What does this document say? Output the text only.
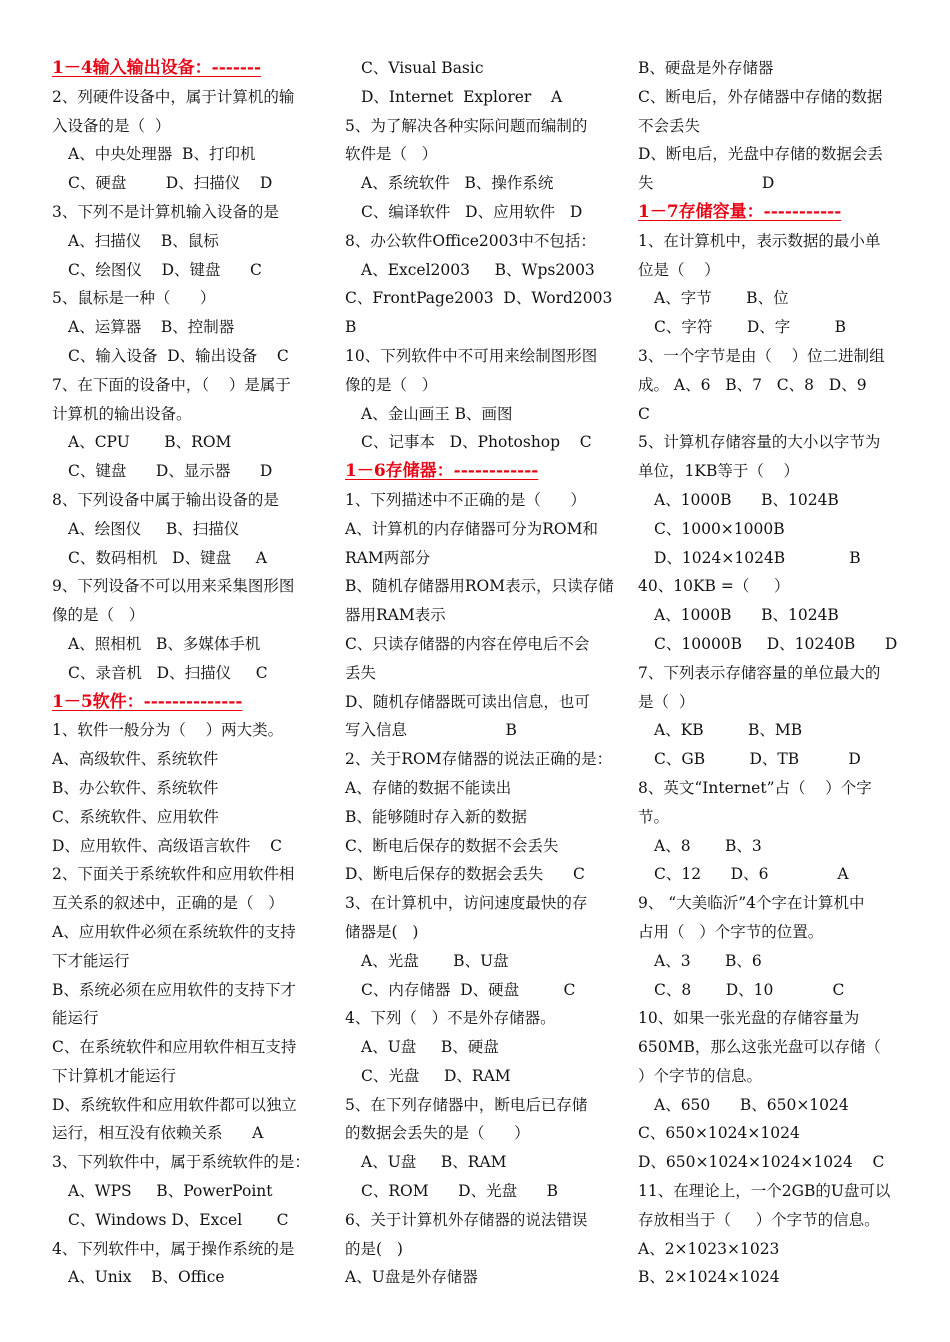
1－4输入输出设备：-------
2、列硬件设备中，属于计算机的输
入设备的是（  ）
A、中央处理器  B、打印机
C、硬盘        D、扫描仪    D
3、下列不是计算机输入设备的是
A、扫描仪    B、鼠标
C、绘图仪    D、键盘      C
5、鼠标是一种（      ）
A、运算器    B、控制器
C、输入设备  D、输出设备    C
7、在下面的设备中，（    ）是属于
计算机的输出设备。
A、CPU       B、ROM
C、键盘      D、显示器      D
8、下列设备中属于输出设备的是
A、绘图仪     B、扫描仪
C、数码相机   D、键盘     A
9、下列设备不可以用来采集图形图
像的是（   ）
A、照相机   B、多媒体手机
C、录音机   D、扫描仪     C
1－5软件：--------------
1、软件一般分为（    ）两大类。
A、高级软件、系统软件
B、办公软件、系统软件
C、系统软件、应用软件
D、应用软件、高级语言软件    C
2、下面关于系统软件和应用软件相
互关系的叙述中，正确的是（   ）
A、应用软件必须在系统软件的支持
下才能运行
B、系统必须在应用软件的支持下才
能运行
C、在系统软件和应用软件相互支持
下计算机才能运行
D、系统软件和应用软件都可以独立
运行，相互没有依赖关系      A
3、下列软件中，属于系统软件的是：
A、WPS     B、PowerPoint
C、Windows D、Excel       C
4、下列软件中，属于操作系统的是
A、Unix    B、Office
C、Visual Basic
D、Internet  Explorer    A
5、为了解决各种实际问题而编制的
软件是（   ）
A、系统软件   B、操作系统
C、编译软件   D、应用软件   D
8、办公软件Office2003中不包括：
A、Excel2003     B、Wps2003
C、FrontPage2003  D、Word2003
B
10、下列软件中不可用来绘制图形图
像的是（   ）
A、金山画王 B、画图
C、记事本   D、Photoshop    C
1－6存储器：------------
1、下列描述中不正确的是（      ）
A、计算机的内存储器可分为ROM和
RAM两部分
B、随机存储器用ROM表示，只读存储
器用RAM表示
C、只读存储器的内容在停电后不会
丢失
D、随机存储器既可读出信息，也可
写入信息                    B
2、关于ROM存储器的说法正确的是：
A、存储的数据不能读出
B、能够随时存入新的数据
C、断电后保存的数据不会丢失
D、断电后保存的数据会丢失      C
3、在计算机中，访问速度最快的存
储器是(   )
A、光盘       B、U盘
C、内存储器  D、硬盘         C
4、下列（   ）不是外存储器。
A、U盘     B、硬盘
C、光盘     D、RAM
5、在下列存储器中，断电后已存储
的数据会丢失的是（      ）
A、U盘     B、RAM
C、ROM      D、光盘      B
6、关于计算机外存储器的说法错误
的是(   )
A、U盘是外存储器
B、硬盘是外存储器
C、断电后，外存储器中存储的数据
不会丢失
D、断电后，光盘中存储的数据会丢
失                      D
1－7存储容量：-----------
1、在计算机中，表示数据的最小单
位是（    ）
A、字节       B、位
C、字符       D、字         B
3、一个字节是由（    ）位二进制组
成。 A、6   B、7   C、8   D、9
C
5、计算机存储容量的大小以字节为
单位，1KB等于（    ）
A、1000B      B、1024B
C、1000×1000B
D、1024×1024B             B
40、10KB =（     ）
A、1000B      B、1024B
C、10000B     D、10240B      D
7、下列表示存储容量的单位最大的
是（  ）
A、KB         B、MB
C、GB         D、TB          D
8、英文“Internet”占（    ）个字
节。
A、8       B、3
C、12      D、6              A
9、 “大美临沂”4个字在计算机中
占用（   ）个字节的位置。
A、3       B、6
C、8       D、10            C
10、如果一张光盘的存储容量为
650MB，那么这张光盘可以存储（
）个字节的信息。
A、650      B、650×1024
C、650×1024×1024
D、650×1024×1024×1024    C
11、在理论上，一个2GB的U盘可以
存放相当于（     ）个字节的信息。
A、2×1023×1023
B、2×1024×1024
